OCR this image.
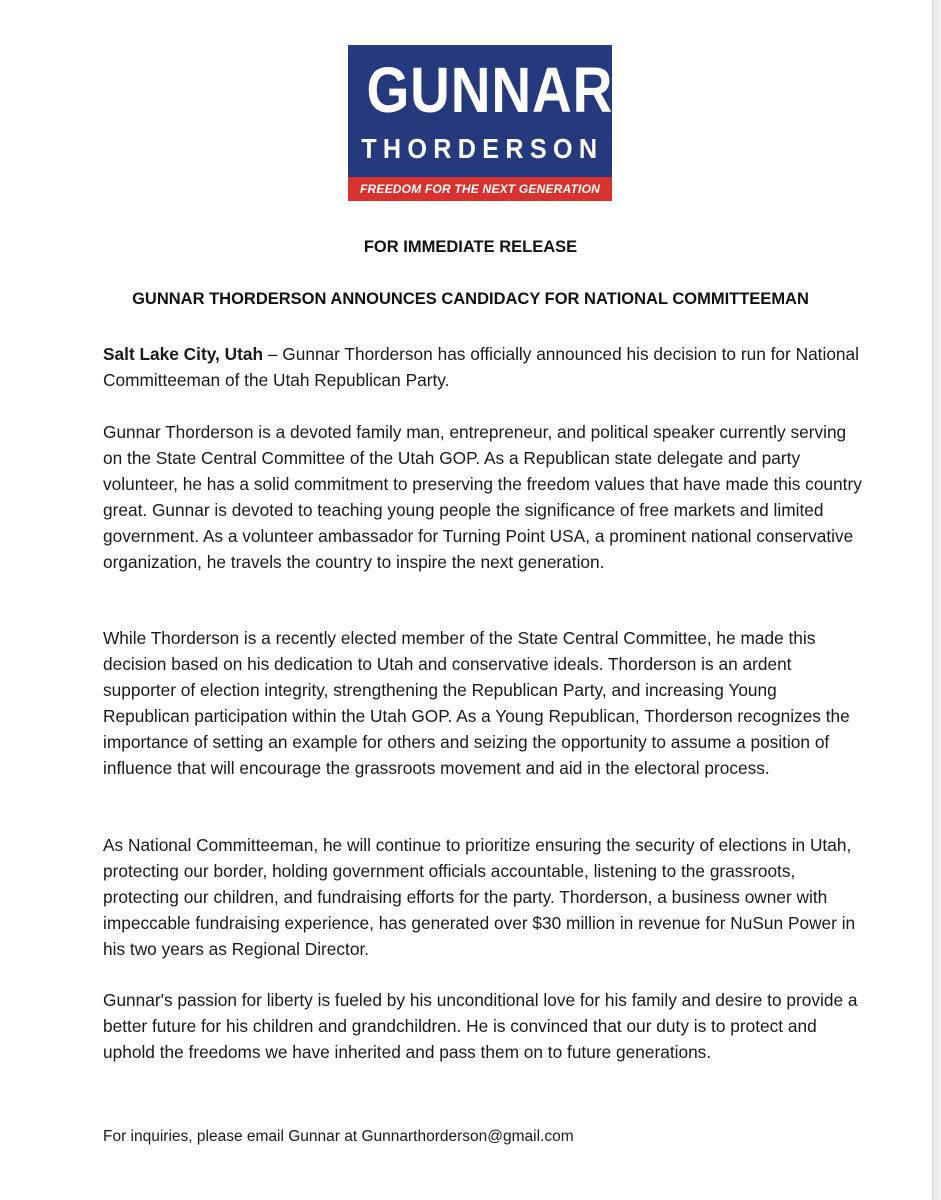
GUNNAR
THORDERSON
FREEDOM FOR THE NEXT GENERATION
FOR IMMEDIATE RELEASE
GUNNAR THORDERSON ANNOUNCES CANDIDACY FOR NATIONAL COMMITTEEMAN

Salt Lake City, Utah – Gunnar Thorderson has officially announced his decision to run for National Committeeman of the Utah Republican Party.

Gunnar Thorderson is a devoted family man, entrepreneur, and political speaker currently serving on the State Central Committee of the Utah GOP. As a Republican state delegate and party volunteer, he has a solid commitment to preserving the freedom values that have made this country great. Gunnar is devoted to teaching young people the significance of free markets and limited government. As a volunteer ambassador for Turning Point USA, a prominent national conservative organization, he travels the country to inspire the next generation.

While Thorderson is a recently elected member of the State Central Committee, he made this decision based on his dedication to Utah and conservative ideals. Thorderson is an ardent supporter of election integrity, strengthening the Republican Party, and increasing Young Republican participation within the Utah GOP. As a Young Republican, Thorderson recognizes the importance of setting an example for others and seizing the opportunity to assume a position of influence that will encourage the grassroots movement and aid in the electoral process.

As National Committeeman, he will continue to prioritize ensuring the security of elections in Utah, protecting our border, holding government officials accountable, listening to the grassroots, protecting our children, and fundraising efforts for the party. Thorderson, a business owner with impeccable fundraising experience, has generated over $30 million in revenue for NuSun Power in his two years as Regional Director.

Gunnar's passion for liberty is fueled by his unconditional love for his family and desire to provide a better future for his children and grandchildren. He is convinced that our duty is to protect and uphold the freedoms we have inherited and pass them on to future generations.

For inquiries, please email Gunnar at Gunnarthorderson@gmail.com
